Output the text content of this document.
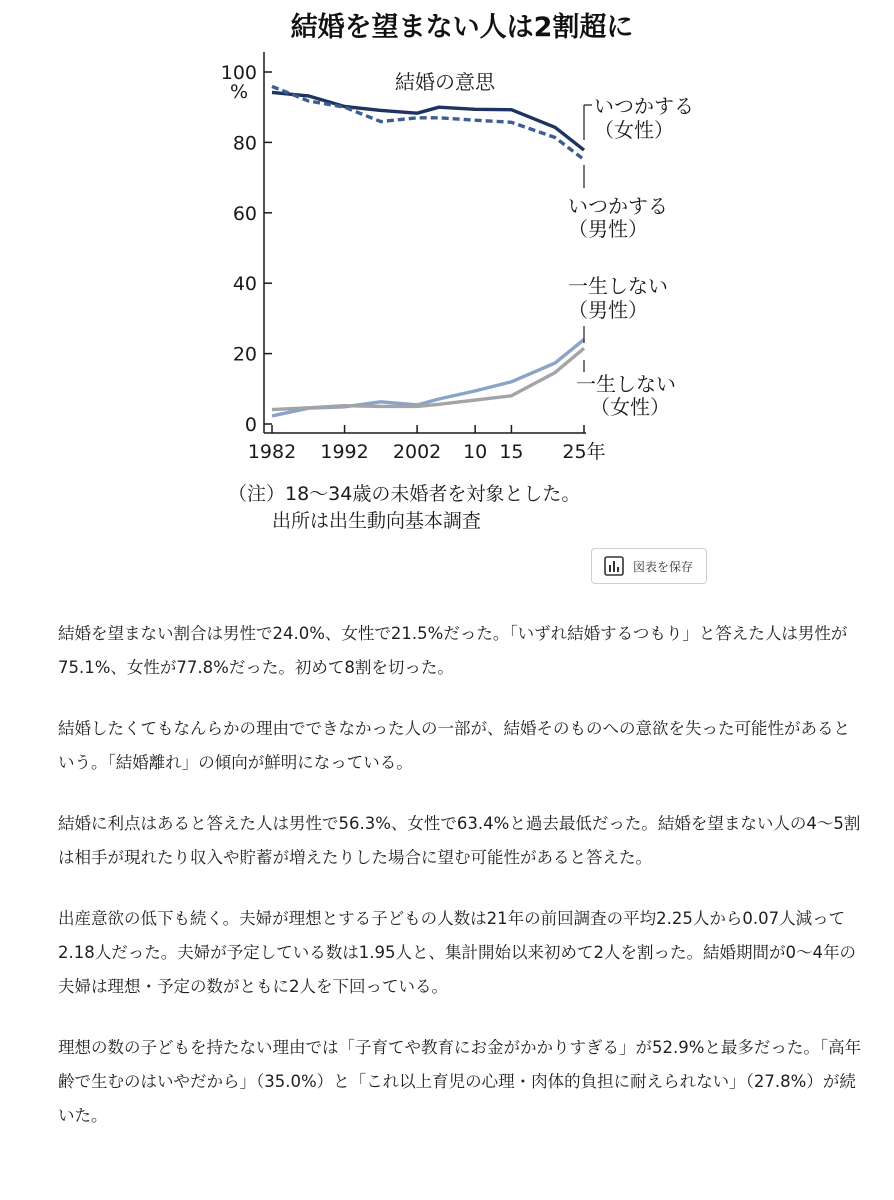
結婚を望まない人は2割超に
0
20
40
60
80
100
1982 1992 2002 10 15 25年
%	結婚の意思
いつかする
（女性）
いつかする
（男性）
一生しない
（男性）
一生しない
（女性）
（注）18〜34歳の未婚者を対象とした。
出所は出生動向基本調査
図表を保存

結婚を望まない割合は男性で24.0%、女性で21.5%だった。「いずれ結婚するつもり」と答えた人は男性が75.1%、女性が77.8%だった。初めて8割を切った。

結婚したくてもなんらかの理由でできなかった人の一部が、結婚そのものへの意欲を失った可能性があるという。「結婚離れ」の傾向が鮮明になっている。

結婚に利点はあると答えた人は男性で56.3%、女性で63.4%と過去最低だった。結婚を望まない人の4〜5割は相手が現れたり収入や貯蓄が増えたりした場合に望む可能性があると答えた。

出産意欲の低下も続く。夫婦が理想とする子どもの人数は21年の前回調査の平均2.25人から0.07人減って2.18人だった。夫婦が予定している数は1.95人と、集計開始以来初めて2人を割った。結婚期間が0〜4年の夫婦は理想・予定の数がともに2人を下回っている。

理想の数の子どもを持たない理由では「子育てや教育にお金がかかりすぎる」が52.9%と最多だった。「高年齢で生むのはいやだから」（35.0%）と「これ以上育児の心理・肉体的負担に耐えられない」（27.8%）が続いた。
